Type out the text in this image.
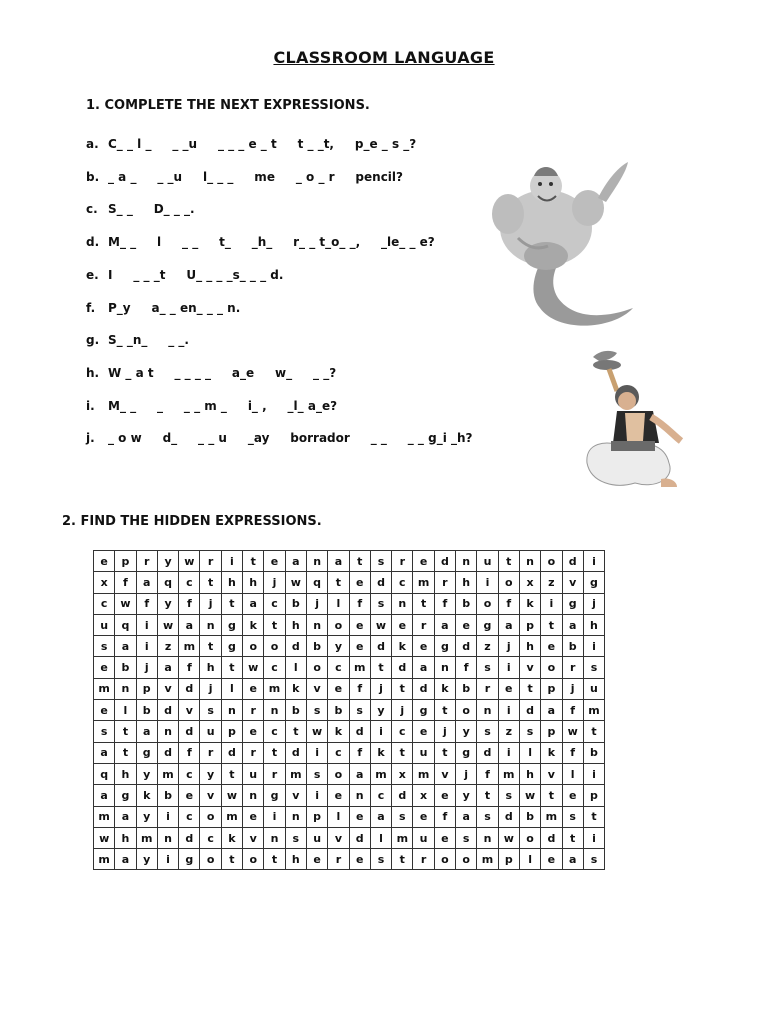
CLASSROOM LANGUAGE
1. COMPLETE THE NEXT EXPRESSIONS.
a. C_ _ l _     _ _u     _ _ _ e _ t     t _ _t,     p_e _ s _?
b. _ a _     _ _u     l_ _ _     me     _ o _ r     pencil?
c. S_ _     D_ _ _.
d. M_ _     l     _ _     t_     _h_     r_ _ t_o_ _,     _le_ _ e?
e. I     _ _ _t     U_ _ _ _s_ _ _ d.
f. P_y     a_ _ en_ _ _ n.
g. S_ _n_     _ _.
h. W _ a t     _ _ _ _     a_e     w_     _ _?
i. M_ _     _     _ _ m _     i_ ,     _l_ a_e?
j. _ o w     d_     _ _ u     _ay     borrador     _ _     _ _ g_i _h?
2. FIND THE HIDDEN EXPRESSIONS.
e	p	r	y	w	r	i	t	e	a	n	a	t	s	r	e	d	n	u	t	n	o	d	i
x	f	a	q	c	t	h	h	j	w	q	t	e	d	c	m	r	h	i	o	x	z	v	g
c	w	f	y	f	j	t	a	c	b	j	l	f	s	n	t	f	b	o	f	k	i	g	j
u	q	i	w	a	n	g	k	t	h	n	o	e	w	e	r	a	e	g	a	p	t	a	h
s	a	i	z	m	t	g	o	o	d	b	y	e	d	k	e	g	d	z	j	h	e	b	i
e	b	j	a	f	h	t	w	c	l	o	c	m	t	d	a	n	f	s	i	v	o	r	s
m	n	p	v	d	j	l	e	m	k	v	e	f	j	t	d	k	b	r	e	t	p	j	u
e	l	b	d	v	s	n	r	n	b	s	b	s	y	j	g	t	o	n	i	d	a	f	m
s	t	a	n	d	u	p	e	c	t	w	k	d	i	c	e	j	y	s	z	s	p	w	t
a	t	g	d	f	r	d	r	t	d	i	c	f	k	t	u	t	g	d	i	l	k	f	b
q	h	y	m	c	y	t	u	r	m	s	o	a	m	x	m	v	j	f	m	h	v	l	i
a	g	k	b	e	v	w	n	g	v	i	e	n	c	d	x	e	y	t	s	w	t	e	p
m	a	y	i	c	o	m	e	i	n	p	l	e	a	s	e	f	a	s	d	b	m	s	t
w	h	m	n	d	c	k	v	n	s	u	v	d	l	m	u	e	s	n	w	o	d	t	i
m	a	y	i	g	o	t	o	t	h	e	r	e	s	t	r	o	o	m	p	l	e	a	s
